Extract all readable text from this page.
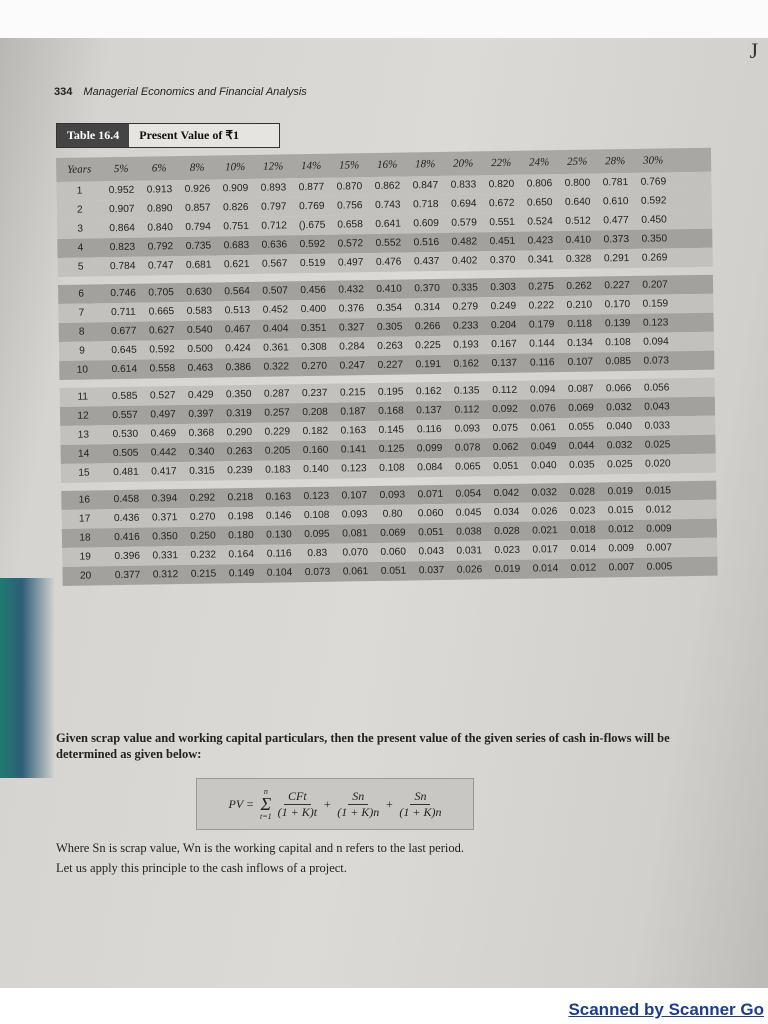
J
334 Managerial Economics and Financial Analysis
Table 16.4	Present Value of ₹1
Years	5%	6%	8%	10%	12%	14%	15%	16%	18%	20%	22%	24%	25%	28%	30%
1	0.952	0.913	0.926	0.909	0.893	0.877	0.870	0.862	0.847	0.833	0.820	0.806	0.800	0.781	0.769
2	0.907	0.890	0.857	0.826	0.797	0.769	0.756	0.743	0.718	0.694	0.672	0.650	0.640	0.610	0.592
3	0.864	0.840	0.794	0.751	0.712	().675	0.658	0.641	0.609	0.579	0.551	0.524	0.512	0.477	0.450
4	0.823	0.792	0.735	0.683	0.636	0.592	0.572	0.552	0.516	0.482	0.451	0.423	0.410	0.373	0.350
5	0.784	0.747	0.681	0.621	0.567	0.519	0.497	0.476	0.437	0.402	0.370	0.341	0.328	0.291	0.269
6	0.746	0.705	0.630	0.564	0.507	0.456	0.432	0.410	0.370	0.335	0.303	0.275	0.262	0.227	0.207
7	0.711	0.665	0.583	0.513	0.452	0.400	0.376	0.354	0.314	0.279	0.249	0.222	0.210	0.170	0.159
8	0.677	0.627	0.540	0.467	0.404	0.351	0.327	0.305	0.266	0.233	0.204	0.179	0.118	0.139	0.123
9	0.645	0.592	0.500	0.424	0.361	0.308	0.284	0.263	0.225	0.193	0.167	0.144	0.134	0.108	0.094
10	0.614	0.558	0.463	0.386	0.322	0.270	0.247	0.227	0.191	0.162	0.137	0.116	0.107	0.085	0.073
11	0.585	0.527	0.429	0.350	0.287	0.237	0.215	0.195	0.162	0.135	0.112	0.094	0.087	0.066	0.056
12	0.557	0.497	0.397	0.319	0.257	0.208	0.187	0.168	0.137	0.112	0.092	0.076	0.069	0.032	0.043
13	0.530	0.469	0.368	0.290	0.229	0.182	0.163	0.145	0.116	0.093	0.075	0.061	0.055	0.040	0.033
14	0.505	0.442	0.340	0.263	0.205	0.160	0.141	0.125	0.099	0.078	0.062	0.049	0.044	0.032	0.025
15	0.481	0.417	0.315	0.239	0.183	0.140	0.123	0.108	0.084	0.065	0.051	0.040	0.035	0.025	0.020
16	0.458	0.394	0.292	0.218	0.163	0.123	0.107	0.093	0.071	0.054	0.042	0.032	0.028	0.019	0.015
17	0.436	0.371	0.270	0.198	0.146	0.108	0.093	0.80	0.060	0.045	0.034	0.026	0.023	0.015	0.012
18	0.416	0.350	0.250	0.180	0.130	0.095	0.081	0.069	0.051	0.038	0.028	0.021	0.018	0.012	0.009
19	0.396	0.331	0.232	0.164	0.116	0.83	0.070	0.060	0.043	0.031	0.023	0.017	0.014	0.009	0.007
20	0.377	0.312	0.215	0.149	0.104	0.073	0.061	0.051	0.037	0.026	0.019	0.014	0.012	0.007	0.005
Given scrap value and working capital particulars, then the present value of the given series of cash in-flows will be determined as given below:
PV =
n
Σ
$t=1 \frac{\text{CFt}}{(1 + K)t} + \frac{Sn}{(1 + K)n} + \frac{Sn}{(1 + K)n}$
Where Sn is scrap value, Wn is the working capital and n refers to the last period.
Let us apply this principle to the cash inflows of a project.
Scanned by Scanner Go
